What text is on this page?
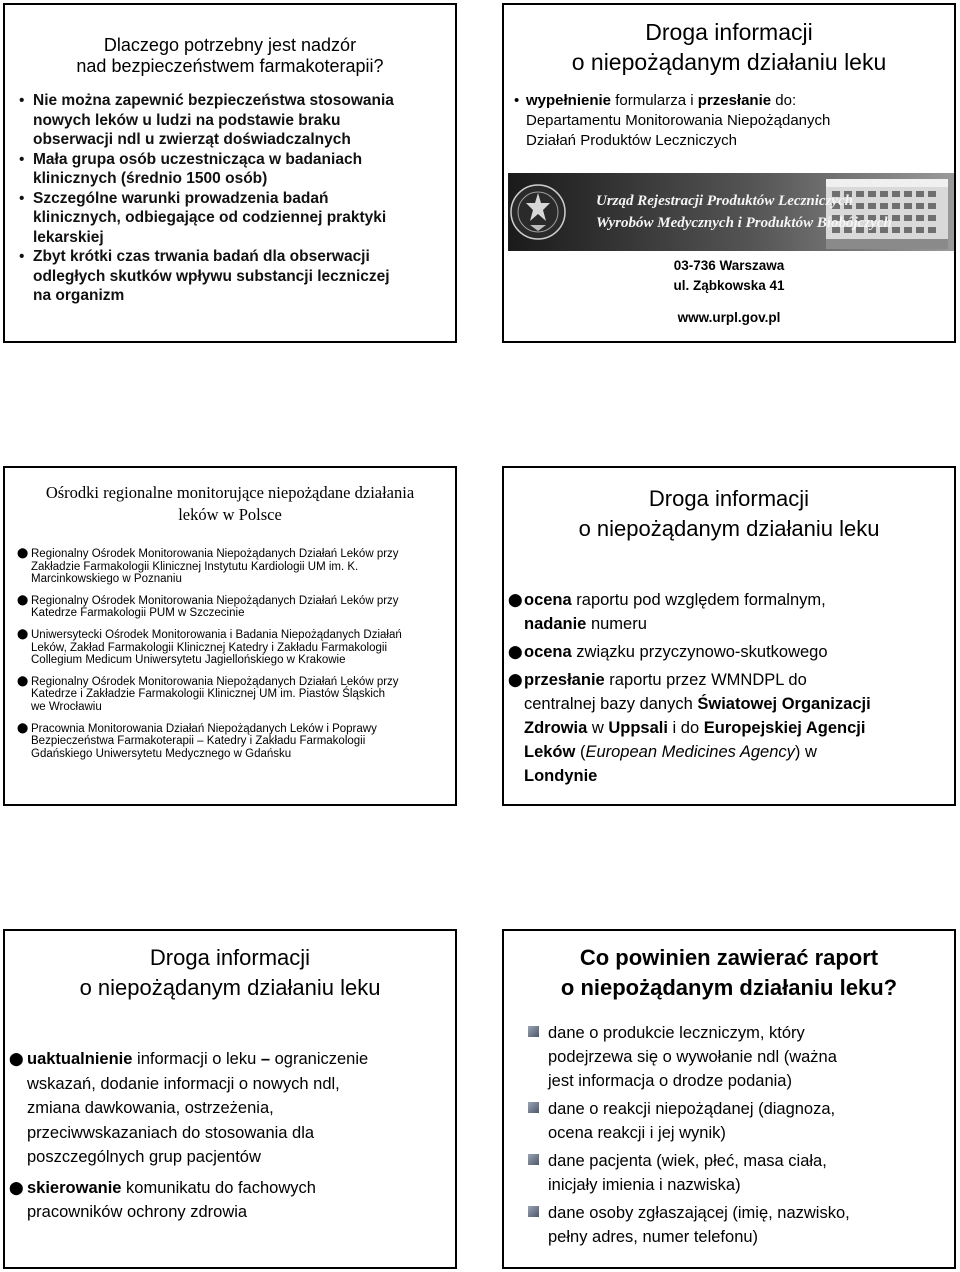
Dlaczego potrzebny jest nadzór
nad bezpieczeństwem farmakoterapii?
• Nie można zapewnić bezpieczeństwa stosowania
nowych leków u ludzi na podstawie braku
obserwacji ndl u zwierząt doświadczalnych
• Mała grupa osób uczestnicząca w badaniach
klinicznych (średnio 1500 osób)
• Szczególne warunki prowadzenia badań
klinicznych, odbiegające od codziennej praktyki
lekarskiej
• Zbyt krótki czas trwania badań dla obserwacji
odległych skutków wpływu substancji leczniczej
na organizm
Droga informacji
o niepożądanym działaniu leku
• wypełnienie formularza i przesłanie do:
Departamentu Monitorowania Niepożądanych
Działań Produktów Leczniczych
Urząd Rejestracji Produktów Leczniczych
Wyrobów Medycznych i Produktów Biobójczych
03-736 Warszawa
ul. Ząbkowska 41
www.urpl.gov.pl
Ośrodki regionalne monitorujące niepożądane działania
leków w Polsce
⬤ Regionalny Ośrodek Monitorowania Niepożądanych Działań Leków przy
Zakładzie Farmakologii Klinicznej Instytutu Kardiologii UM im. K.
Marcinkowskiego w Poznaniu
⬤ Regionalny Ośrodek Monitorowania Niepożądanych Działań Leków przy
Katedrze Farmakologii PUM w Szczecinie
⬤ Uniwersytecki Ośrodek Monitorowania i Badania Niepożądanych Działań
Leków, Zakład Farmakologii Klinicznej Katedry i Zakładu Farmakologii
Collegium Medicum Uniwersytetu Jagiellońskiego w Krakowie
⬤ Regionalny Ośrodek Monitorowania Niepożądanych Działań Leków przy
Katedrze i Zakładzie Farmakologii Klinicznej UM im. Piastów Śląskich
we Wrocławiu
⬤ Pracownia Monitorowania Działań Niepożądanych Leków i Poprawy
Bezpieczeństwa Farmakoterapii – Katedry i Zakładu Farmakologii
Gdańskiego Uniwersytetu Medycznego w Gdańsku
Droga informacji
o niepożądanym działaniu leku
⬤ ocena raportu pod względem formalnym,
nadanie numeru
⬤ ocena związku przyczynowo-skutkowego
⬤ przesłanie raportu przez WMNDPL do
centralnej bazy danych Światowej Organizacji
Zdrowia w Uppsali i do Europejskiej Agencji
Leków (European Medicines Agency) w
Londynie
Droga informacji
o niepożądanym działaniu leku
⬤ uaktualnienie informacji o leku – ograniczenie
wskazań, dodanie informacji o nowych ndl,
zmiana dawkowania, ostrzeżenia,
przeciwwskazaniach do stosowania dla
poszczególnych grup pacjentów
⬤ skierowanie komunikatu do fachowych
pracowników ochrony zdrowia
Co powinien zawierać raport
o niepożądanym działaniu leku?
dane o produkcie leczniczym, który
podejrzewa się o wywołanie ndl (ważna
jest informacja o drodze podania)
dane o reakcji niepożądanej (diagnoza,
ocena reakcji i jej wynik)
dane pacjenta (wiek, płeć, masa ciała,
inicjały imienia i nazwiska)
dane osoby zgłaszającej (imię, nazwisko,
pełny adres, numer telefonu)
